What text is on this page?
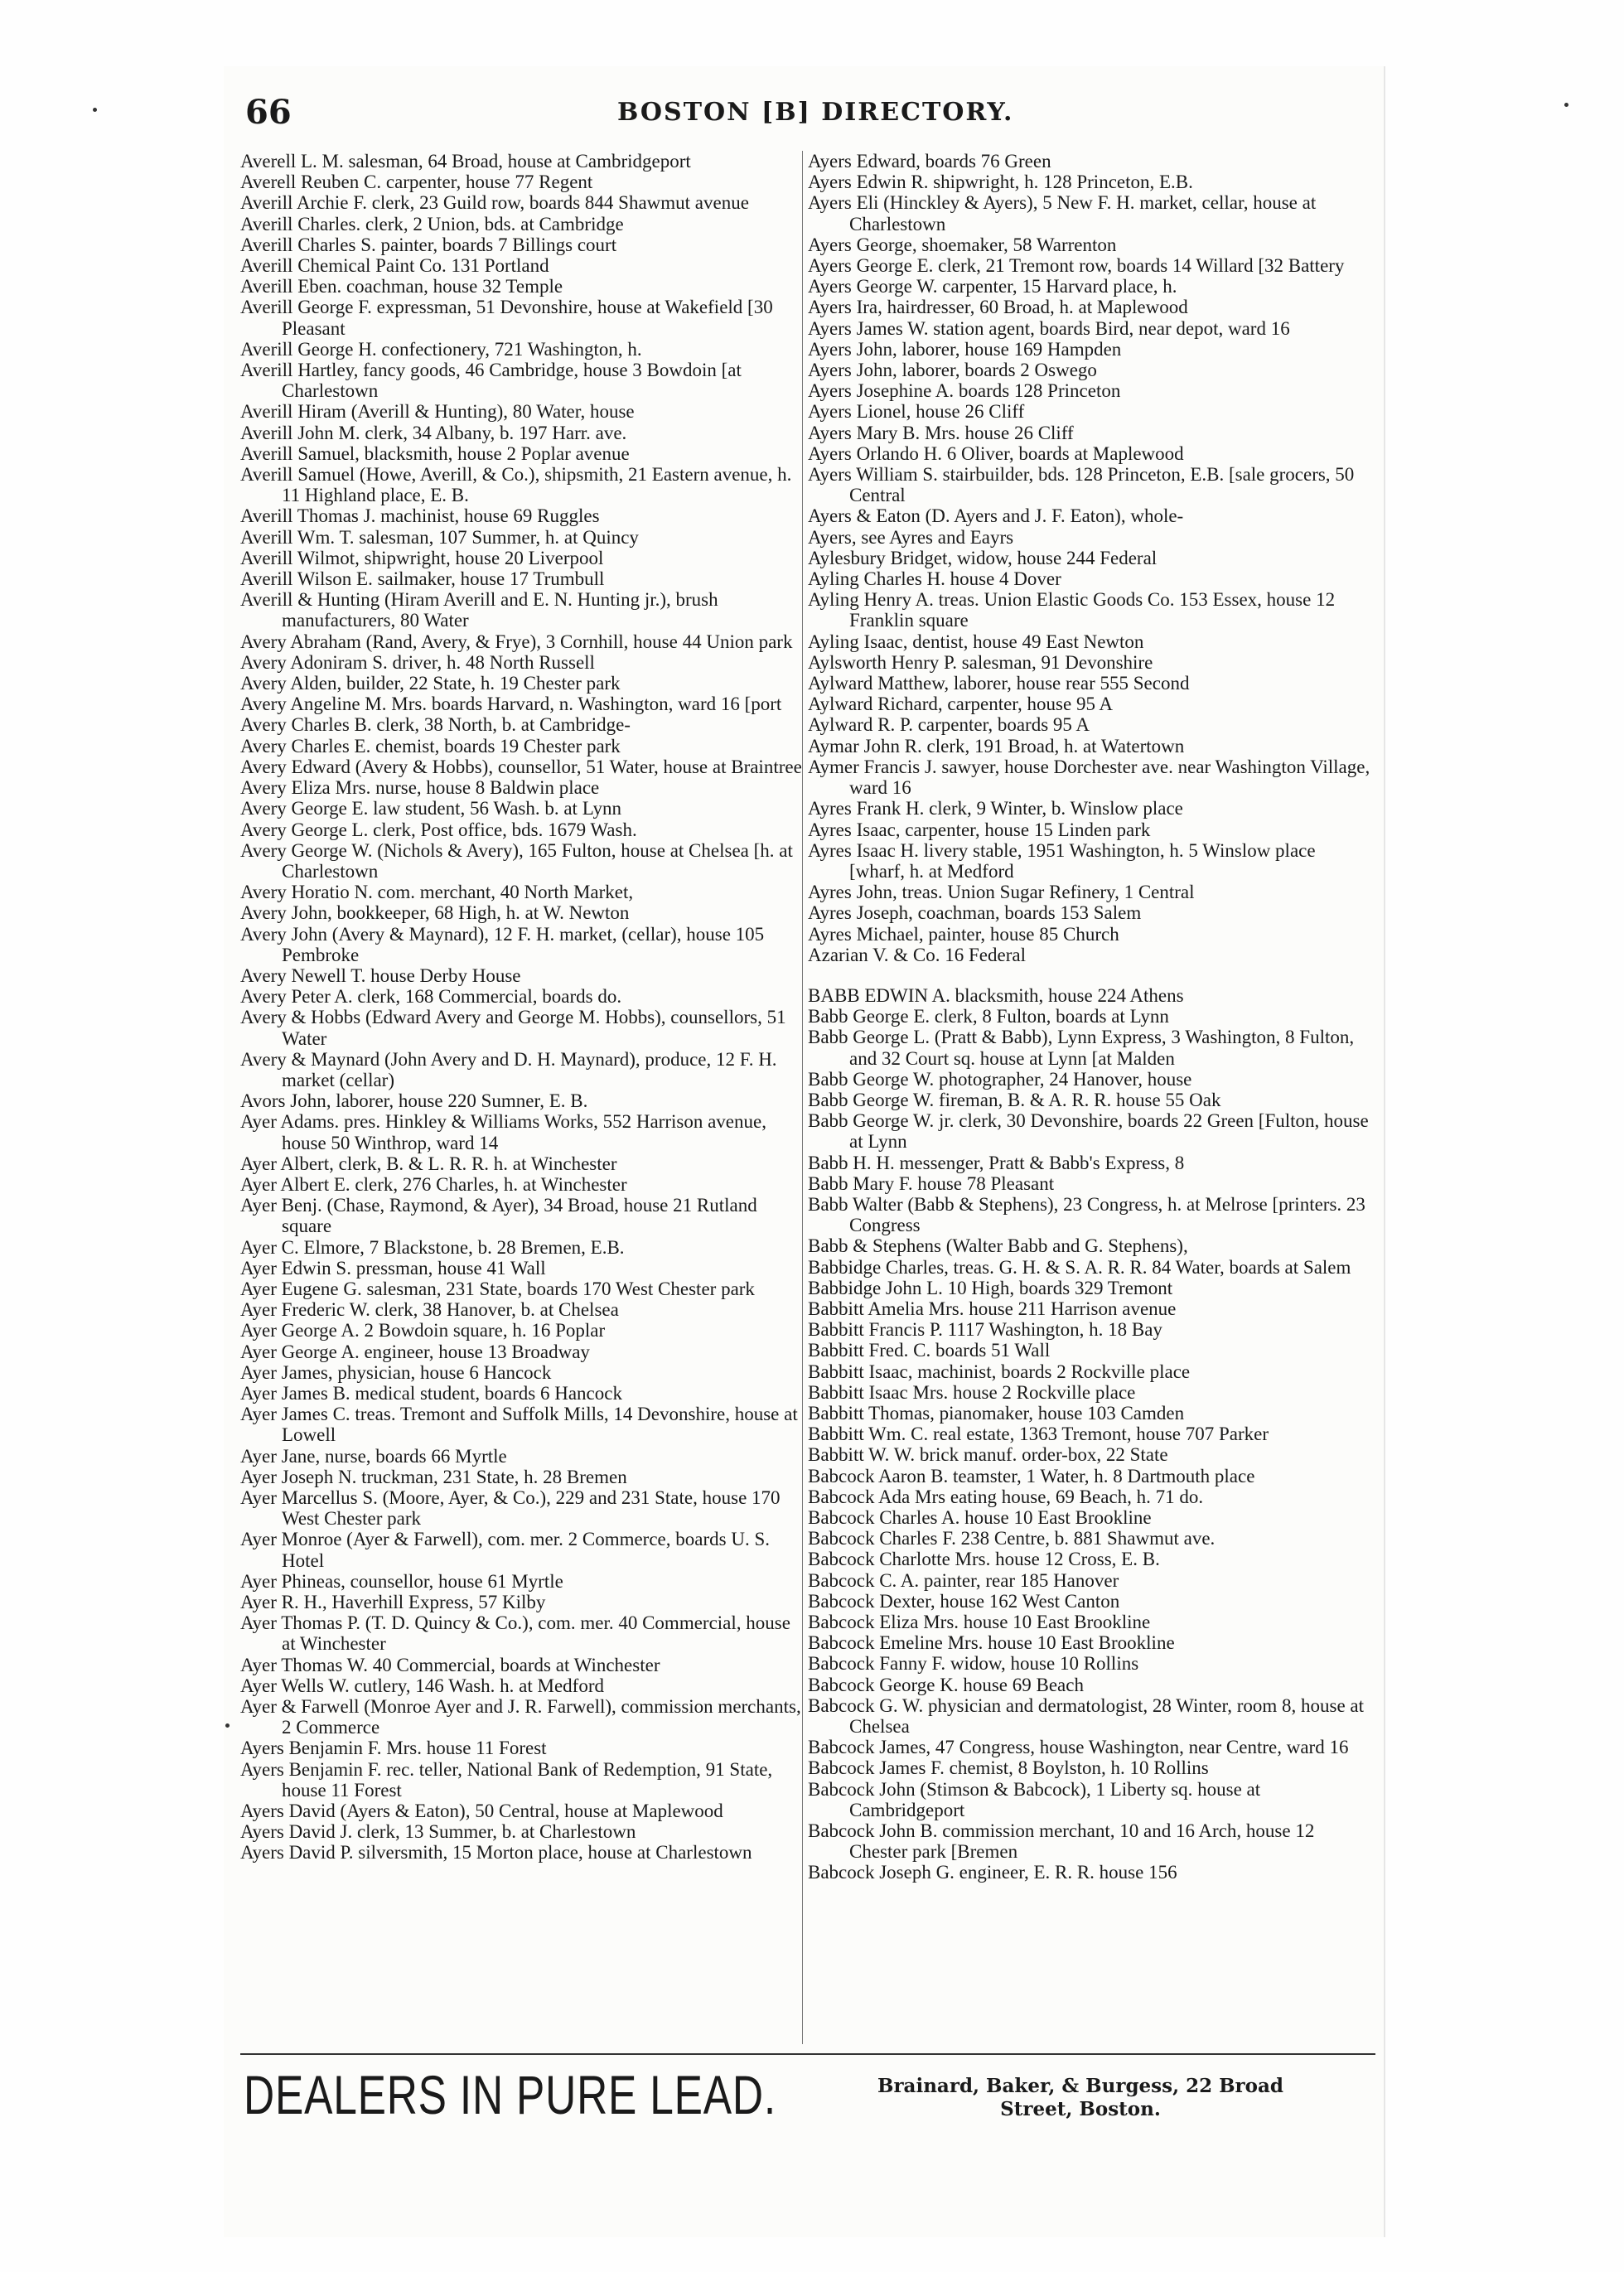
66	BOSTON [B] DIRECTORY.

Averell L. M. salesman, 64 Broad, house at Cambridgeport

Averell Reuben C. carpenter, house 77 Regent

Averill Archie F. clerk, 23 Guild row, boards 844 Shawmut avenue

Averill Charles. clerk, 2 Union, bds. at Cambridge

Averill Charles S. painter, boards 7 Billings court

Averill Chemical Paint Co. 131 Portland

Averill Eben. coachman, house 32 Temple

Averill George F. expressman, 51 Devonshire, house at Wakefield [30 Pleasant

Averill George H. confectionery, 721 Washington, h.

Averill Hartley, fancy goods, 46 Cambridge, house 3 Bowdoin [at Charlestown

Averill Hiram (Averill & Hunting), 80 Water, house

Averill John M. clerk, 34 Albany, b. 197 Harr. ave.

Averill Samuel, blacksmith, house 2 Poplar avenue

Averill Samuel (Howe, Averill, & Co.), shipsmith, 21 Eastern avenue, h. 11 Highland place, E. B.

Averill Thomas J. machinist, house 69 Ruggles

Averill Wm. T. salesman, 107 Summer, h. at Quincy

Averill Wilmot, shipwright, house 20 Liverpool

Averill Wilson E. sailmaker, house 17 Trumbull

Averill & Hunting (Hiram Averill and E. N. Hunting jr.), brush manufacturers, 80 Water

Avery Abraham (Rand, Avery, & Frye), 3 Cornhill, house 44 Union park

Avery Adoniram S. driver, h. 48 North Russell

Avery Alden, builder, 22 State, h. 19 Chester park

Avery Angeline M. Mrs. boards Harvard, n. Washington, ward 16 [port

Avery Charles B. clerk, 38 North, b. at Cambridge-

Avery Charles E. chemist, boards 19 Chester park

Avery Edward (Avery & Hobbs), counsellor, 51 Water, house at Braintree

Avery Eliza Mrs. nurse, house 8 Baldwin place

Avery George E. law student, 56 Wash. b. at Lynn

Avery George L. clerk, Post office, bds. 1679 Wash.

Avery George W. (Nichols & Avery), 165 Fulton, house at Chelsea [h. at Charlestown

Avery Horatio N. com. merchant, 40 North Market,

Avery John, bookkeeper, 68 High, h. at W. Newton

Avery John (Avery & Maynard), 12 F. H. market, (cellar), house 105 Pembroke

Avery Newell T. house Derby House

Avery Peter A. clerk, 168 Commercial, boards do.

Avery & Hobbs (Edward Avery and George M. Hobbs), counsellors, 51 Water

Avery & Maynard (John Avery and D. H. Maynard), produce, 12 F. H. market (cellar)

Avors John, laborer, house 220 Sumner, E. B.

Ayer Adams. pres. Hinkley & Williams Works, 552 Harrison avenue, house 50 Winthrop, ward 14

Ayer Albert, clerk, B. & L. R. R. h. at Winchester

Ayer Albert E. clerk, 276 Charles, h. at Winchester

Ayer Benj. (Chase, Raymond, & Ayer), 34 Broad, house 21 Rutland square

Ayer C. Elmore, 7 Blackstone, b. 28 Bremen, E.B.

Ayer Edwin S. pressman, house 41 Wall

Ayer Eugene G. salesman, 231 State, boards 170 West Chester park

Ayer Frederic W. clerk, 38 Hanover, b. at Chelsea

Ayer George A. 2 Bowdoin square, h. 16 Poplar

Ayer George A. engineer, house 13 Broadway

Ayer James, physician, house 6 Hancock

Ayer James B. medical student, boards 6 Hancock

Ayer James C. treas. Tremont and Suffolk Mills, 14 Devonshire, house at Lowell

Ayer Jane, nurse, boards 66 Myrtle

Ayer Joseph N. truckman, 231 State, h. 28 Bremen

Ayer Marcellus S. (Moore, Ayer, & Co.), 229 and 231 State, house 170 West Chester park

Ayer Monroe (Ayer & Farwell), com. mer. 2 Commerce, boards U. S. Hotel

Ayer Phineas, counsellor, house 61 Myrtle

Ayer R. H., Haverhill Express, 57 Kilby

Ayer Thomas P. (T. D. Quincy & Co.), com. mer. 40 Commercial, house at Winchester

Ayer Thomas W. 40 Commercial, boards at Winchester

Ayer Wells W. cutlery, 146 Wash. h. at Medford

Ayer & Farwell (Monroe Ayer and J. R. Farwell), commission merchants, 2 Commerce

Ayers Benjamin F. Mrs. house 11 Forest

Ayers Benjamin F. rec. teller, National Bank of Redemption, 91 State, house 11 Forest

Ayers David (Ayers & Eaton), 50 Central, house at Maplewood

Ayers David J. clerk, 13 Summer, b. at Charlestown

Ayers David P. silversmith, 15 Morton place, house at Charlestown

Ayers Edward, boards 76 Green

Ayers Edwin R. shipwright, h. 128 Princeton, E.B.

Ayers Eli (Hinckley & Ayers), 5 New F. H. market, cellar, house at Charlestown

Ayers George, shoemaker, 58 Warrenton

Ayers George E. clerk, 21 Tremont row, boards 14 Willard [32 Battery

Ayers George W. carpenter, 15 Harvard place, h.

Ayers Ira, hairdresser, 60 Broad, h. at Maplewood

Ayers James W. station agent, boards Bird, near depot, ward 16

Ayers John, laborer, house 169 Hampden

Ayers John, laborer, boards 2 Oswego

Ayers Josephine A. boards 128 Princeton

Ayers Lionel, house 26 Cliff

Ayers Mary B. Mrs. house 26 Cliff

Ayers Orlando H. 6 Oliver, boards at Maplewood

Ayers William S. stairbuilder, bds. 128 Princeton, E.B. [sale grocers, 50 Central

Ayers & Eaton (D. Ayers and J. F. Eaton), whole-

Ayers, see Ayres and Eayrs

Aylesbury Bridget, widow, house 244 Federal

Ayling Charles H. house 4 Dover

Ayling Henry A. treas. Union Elastic Goods Co. 153 Essex, house 12 Franklin square

Ayling Isaac, dentist, house 49 East Newton

Aylsworth Henry P. salesman, 91 Devonshire

Aylward Matthew, laborer, house rear 555 Second

Aylward Richard, carpenter, house 95 A

Aylward R. P. carpenter, boards 95 A

Aymar John R. clerk, 191 Broad, h. at Watertown

Aymer Francis J. sawyer, house Dorchester ave. near Washington Village, ward 16

Ayres Frank H. clerk, 9 Winter, b. Winslow place

Ayres Isaac, carpenter, house 15 Linden park

Ayres Isaac H. livery stable, 1951 Washington, h. 5 Winslow place [wharf, h. at Medford

Ayres John, treas. Union Sugar Refinery, 1 Central

Ayres Joseph, coachman, boards 153 Salem

Ayres Michael, painter, house 85 Church

Azarian V. & Co. 16 Federal

BABB EDWIN A. blacksmith, house 224 Athens

Babb George E. clerk, 8 Fulton, boards at Lynn

Babb George L. (Pratt & Babb), Lynn Express, 3 Washington, 8 Fulton, and 32 Court sq. house at Lynn [at Malden

Babb George W. photographer, 24 Hanover, house

Babb George W. fireman, B. & A. R. R. house 55 Oak

Babb George W. jr. clerk, 30 Devonshire, boards 22 Green [Fulton, house at Lynn

Babb H. H. messenger, Pratt & Babb's Express, 8

Babb Mary F. house 78 Pleasant

Babb Walter (Babb & Stephens), 23 Congress, h. at Melrose [printers. 23 Congress

Babb & Stephens (Walter Babb and G. Stephens),

Babbidge Charles, treas. G. H. & S. A. R. R. 84 Water, boards at Salem

Babbidge John L. 10 High, boards 329 Tremont

Babbitt Amelia Mrs. house 211 Harrison avenue

Babbitt Francis P. 1117 Washington, h. 18 Bay

Babbitt Fred. C. boards 51 Wall

Babbitt Isaac, machinist, boards 2 Rockville place

Babbitt Isaac Mrs. house 2 Rockville place

Babbitt Thomas, pianomaker, house 103 Camden

Babbitt Wm. C. real estate, 1363 Tremont, house 707 Parker

Babbitt W. W. brick manuf. order-box, 22 State

Babcock Aaron B. teamster, 1 Water, h. 8 Dartmouth place

Babcock Ada Mrs eating house, 69 Beach, h. 71 do.

Babcock Charles A. house 10 East Brookline

Babcock Charles F. 238 Centre, b. 881 Shawmut ave.

Babcock Charlotte Mrs. house 12 Cross, E. B.

Babcock C. A. painter, rear 185 Hanover

Babcock Dexter, house 162 West Canton

Babcock Eliza Mrs. house 10 East Brookline

Babcock Emeline Mrs. house 10 East Brookline

Babcock Fanny F. widow, house 10 Rollins

Babcock George K. house 69 Beach

Babcock G. W. physician and dermatologist, 28 Winter, room 8, house at Chelsea

Babcock James, 47 Congress, house Washington, near Centre, ward 16

Babcock James F. chemist, 8 Boylston, h. 10 Rollins

Babcock John (Stimson & Babcock), 1 Liberty sq. house at Cambridgeport

Babcock John B. commission merchant, 10 and 16 Arch, house 12 Chester park [Bremen

Babcock Joseph G. engineer, E. R. R. house 156

DEALERS IN PURE LEAD.	Brainard, Baker, & Burgess, 22 Broad
Street, Boston.
